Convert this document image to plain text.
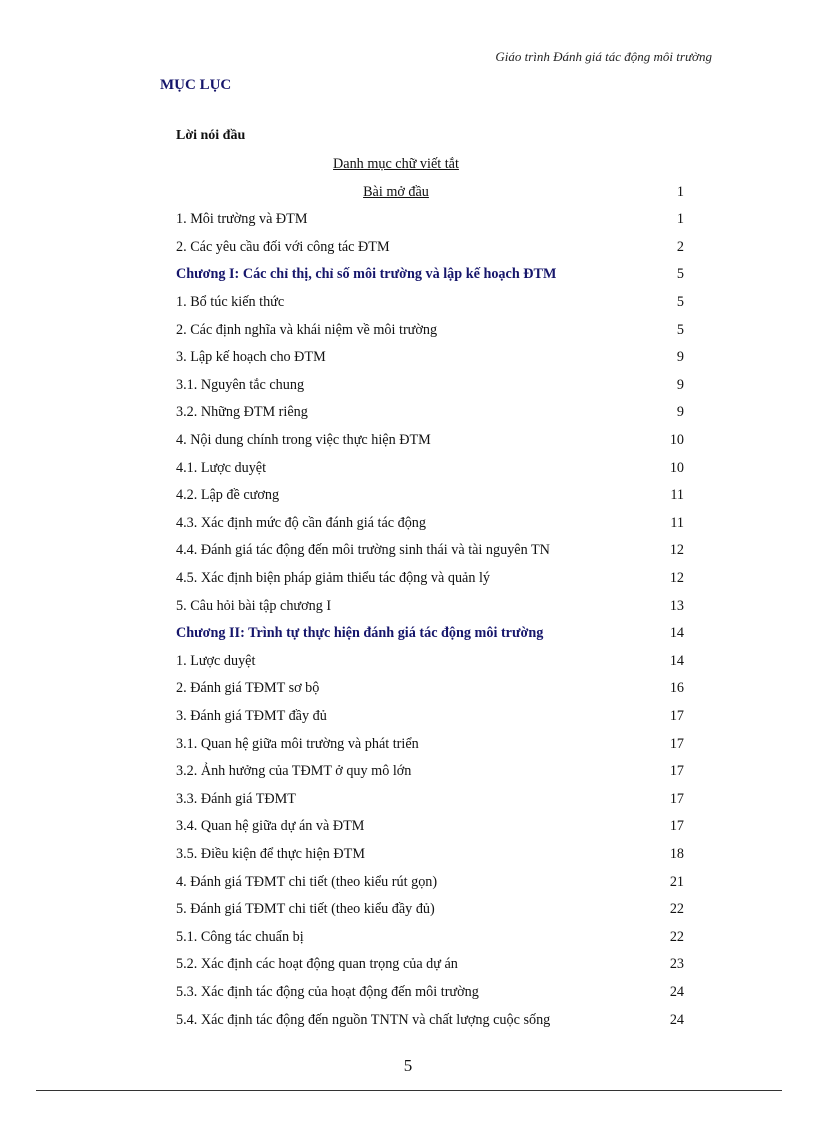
Giáo trình Đánh giá tác động môi trường
MỤC LỤC
Lời nói đầu
Danh mục chữ viết tắt
Bài mở đầu	1
1. Môi trường và ĐTM	1
2. Các yêu cầu đối với công tác ĐTM	2
Chương I: Các chỉ thị, chỉ số môi trường và lập kế hoạch ĐTM	5
1. Bổ túc kiến thức	5
2. Các định nghĩa và khái niệm về môi trường	5
3. Lập kế hoạch cho ĐTM	9
3.1. Nguyên tắc chung	9
3.2. Những ĐTM riêng	9
4. Nội dung chính trong việc thực hiện ĐTM	10
4.1. Lược duyệt	10
4.2. Lập đề cương	11
4.3. Xác định mức độ cần đánh giá tác động	11
4.4. Đánh giá tác động đến môi trường sinh thái và tài nguyên TN	12
4.5. Xác định biện pháp giảm thiểu tác động và quản lý	12
5. Câu hỏi bài tập chương I	13
Chương II: Trình tự thực hiện đánh giá tác động môi trường	14
1. Lược duyệt	14
2. Đánh giá TĐMT sơ bộ	16
3. Đánh giá TĐMT đầy đủ	17
3.1. Quan hệ giữa môi trường và phát triển	17
3.2. Ảnh hưởng của TĐMT ở quy mô lớn	17
3.3. Đánh giá TĐMT	17
3.4. Quan hệ giữa dự án và ĐTM	17
3.5. Điều kiện để thực hiện ĐTM	18
4. Đánh giá TĐMT chi tiết (theo kiểu rút gọn)	21
5. Đánh giá TĐMT chi tiết (theo kiểu đầy đủ)	22
5.1. Công tác chuẩn bị	22
5.2. Xác định các hoạt động quan trọng của dự án	23
5.3. Xác định tác động của hoạt động đến môi trường	24
5.4. Xác định tác động đến nguồn TNTN và chất lượng cuộc sống	24
5
